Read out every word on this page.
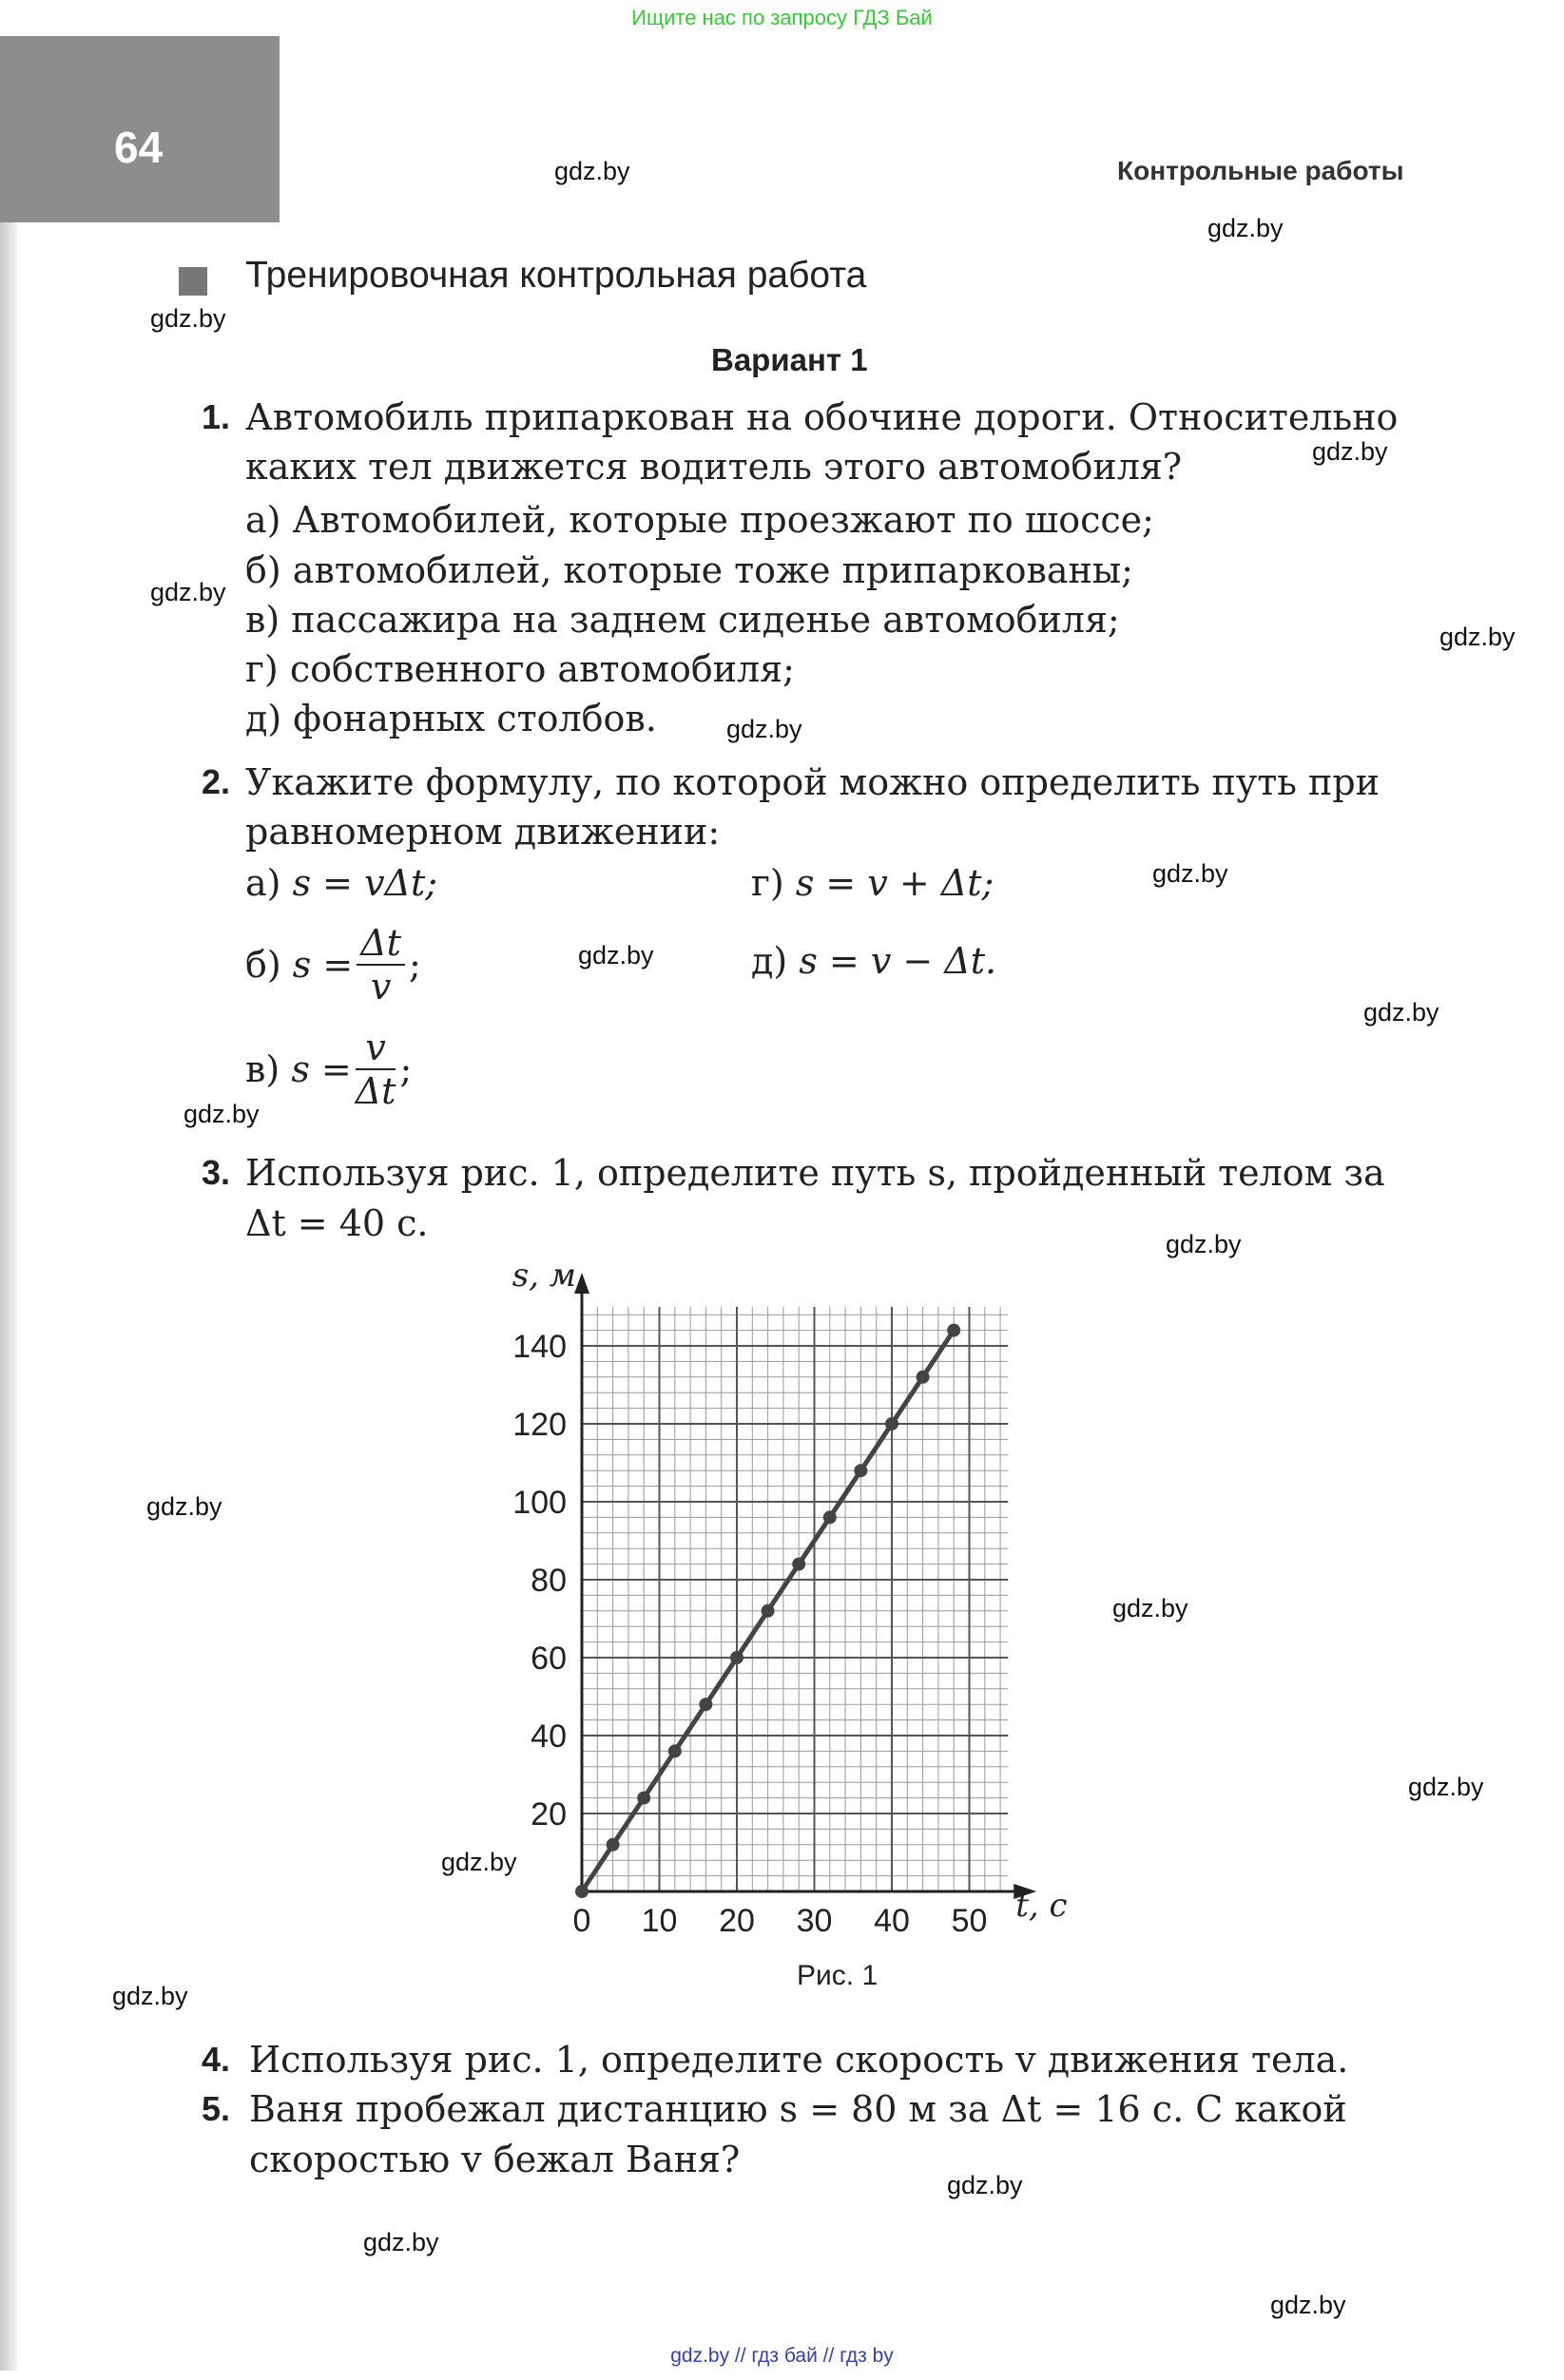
Ищите нас по запросу ГДЗ Бай
64	Контрольные работы
Тренировочная контрольная работа
Вариант 1
1. Автомобиль припаркован на обочине дороги. Относительно
каких тел движется водитель этого автомобиля?
а) Автомобилей, которые проезжают по шоссе;
б) автомобилей, которые тоже припаркованы;
в) пассажира на заднем сиденье автомобиля;
г) собственного автомобиля;
д) фонарных столбов.
2. Укажите формулу, по которой можно определить путь при
равномерном движении:
а) s = vΔt;	г) s = v + Δt;
б)
$s = \frac{\Delta t}{v}$ ;	д) s = v − Δt.
в)
$s = \frac{v}{\Delta t}$ ;
3. Используя рис. 1, определите путь s, пройденный телом за
Δt = 40 с.
0 10 20 30 40 50
20
40
60
80
100
120
140
s, м
t, с
Рис. 1
4. Используя рис. 1, определите скорость v движения тела.
5. Ваня пробежал дистанцию s = 80 м за Δt = 16 с. С какой
скоростью v бежал Ваня?
gdz.by
gdz.by
gdz.by
gdz.by
gdz.by
gdz.by
gdz.by
gdz.by
gdz.by
gdz.by
gdz.by
gdz.by
gdz.by
gdz.by
gdz.by
gdz.by
gdz.by
gdz.by
gdz.by
gdz.by
gdz.by // гдз бай // гдз by
